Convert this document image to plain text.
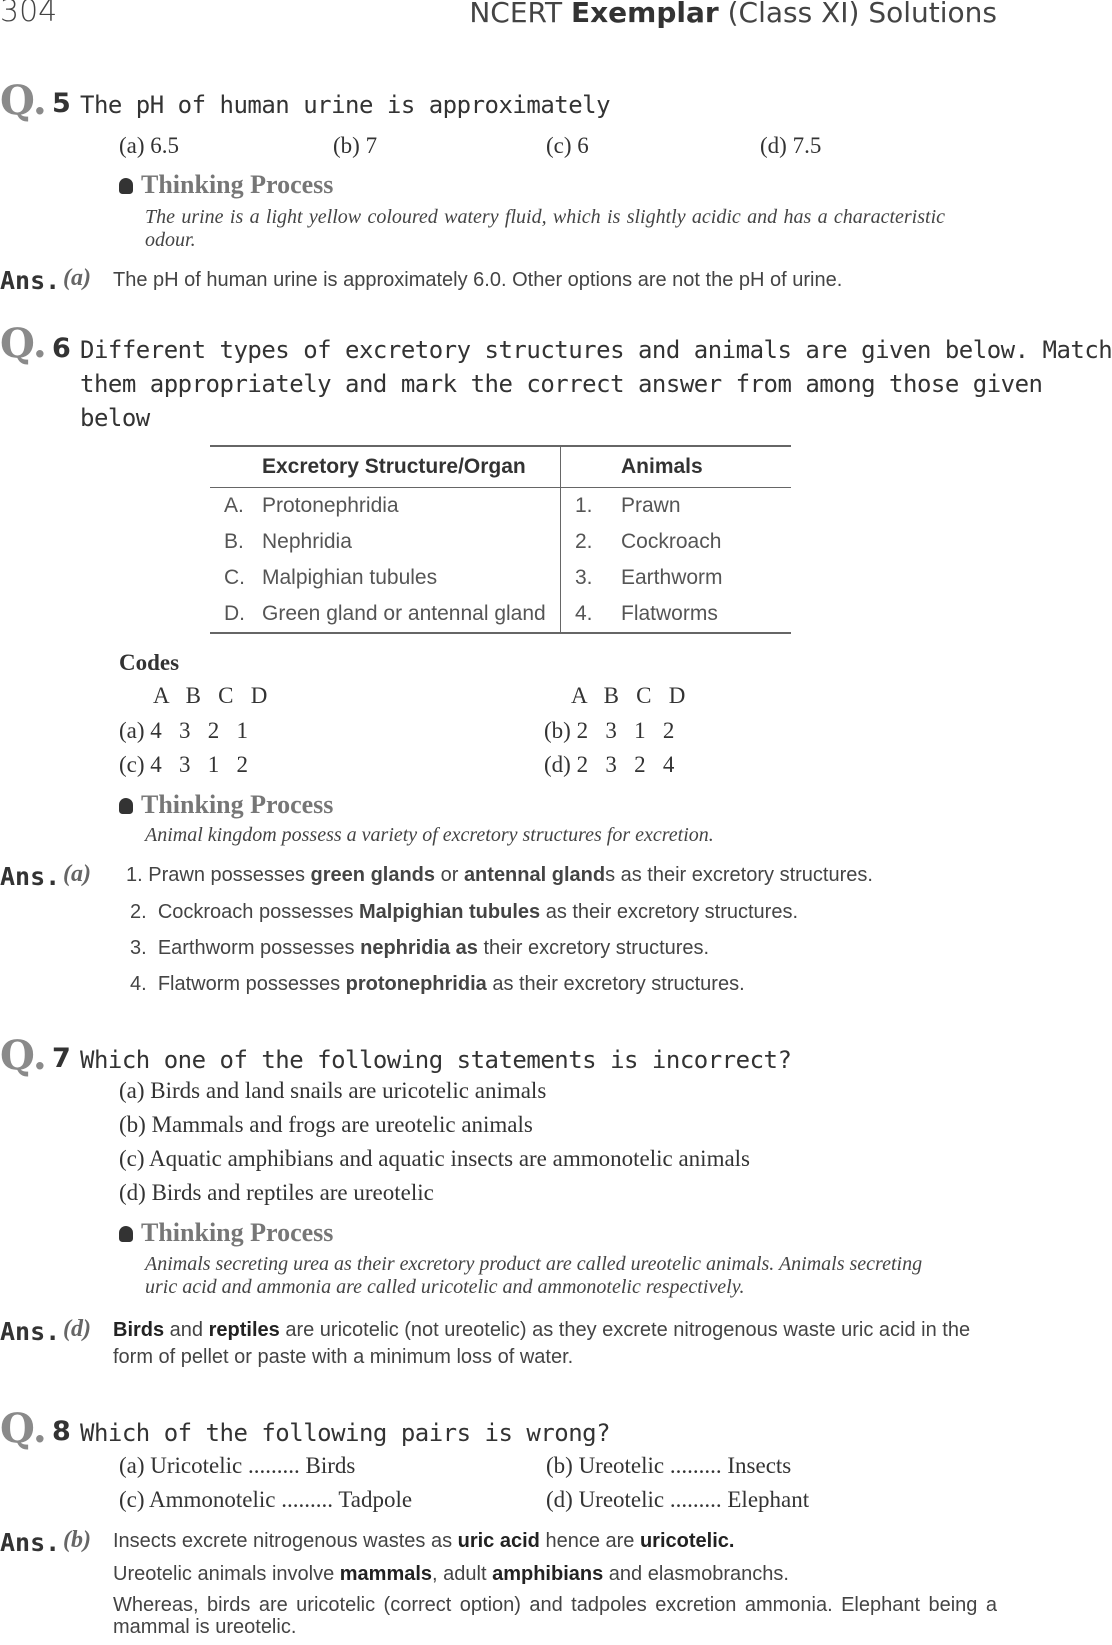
304	NCERT Exemplar (Class XI) Solutions
Q. 5 The pH of human urine is approximately
(a) 6.5	(b) 7	(c) 6	(d) 7.5
Thinking Process
The urine is a light yellow coloured watery fluid, which is slightly acidic and has a characteristic odour.
Ans. (a) The pH of human urine is approximately 6.0. Other options are not the pH of urine.
Q. 6 Different types of excretory structures and animals are given below. Match
them appropriately and mark the correct answer from among those given
below
	Excretory Structure/Organ		Animals
A.	Protonephridia	1.	Prawn
B.	Nephridia	2.	Cockroach
C.	Malpighian tubules	3.	Earthworm
D.	Green gland or antennal gland	4.	Flatworms
Codes
A   B   C   D	A   B   C   D
(a) 4   3   2   1	(b) 2   3   1   2
(c) 4   3   1   2	(d) 2   3   2   4
Thinking Process
Animal kingdom possess a variety of excretory structures for excretion.
Ans. (a) 1. Prawn possesses green glands or antennal glands as their excretory structures.
2. Cockroach possesses Malpighian tubules as their excretory structures.
3. Earthworm possesses nephridia as their excretory structures.
4. Flatworm possesses protonephridia as their excretory structures.
Q. 7 Which one of the following statements is incorrect?
(a) Birds and land snails are uricotelic animals
(b) Mammals and frogs are ureotelic animals
(c) Aquatic amphibians and aquatic insects are ammonotelic animals
(d) Birds and reptiles are ureotelic
Thinking Process
Animals secreting urea as their excretory product are called ureotelic animals. Animals secreting uric acid and ammonia are called uricotelic and ammonotelic respectively.
Ans. (d) Birds and reptiles are uricotelic (not ureotelic) as they excrete nitrogenous waste uric acid in the form of pellet or paste with a minimum loss of water.
Q. 8 Which of the following pairs is wrong?
(a) Uricotelic ......... Birds	(b) Ureotelic ......... Insects
(c) Ammonotelic ......... Tadpole	(d) Ureotelic ......... Elephant
Ans. (b) Insects excrete nitrogenous wastes as uric acid hence are uricotelic.
Ureotelic animals involve mammals, adult amphibians and elasmobranchs.
Whereas, birds are uricotelic (correct option) and tadpoles excretion ammonia. Elephant being a mammal is ureotelic.
